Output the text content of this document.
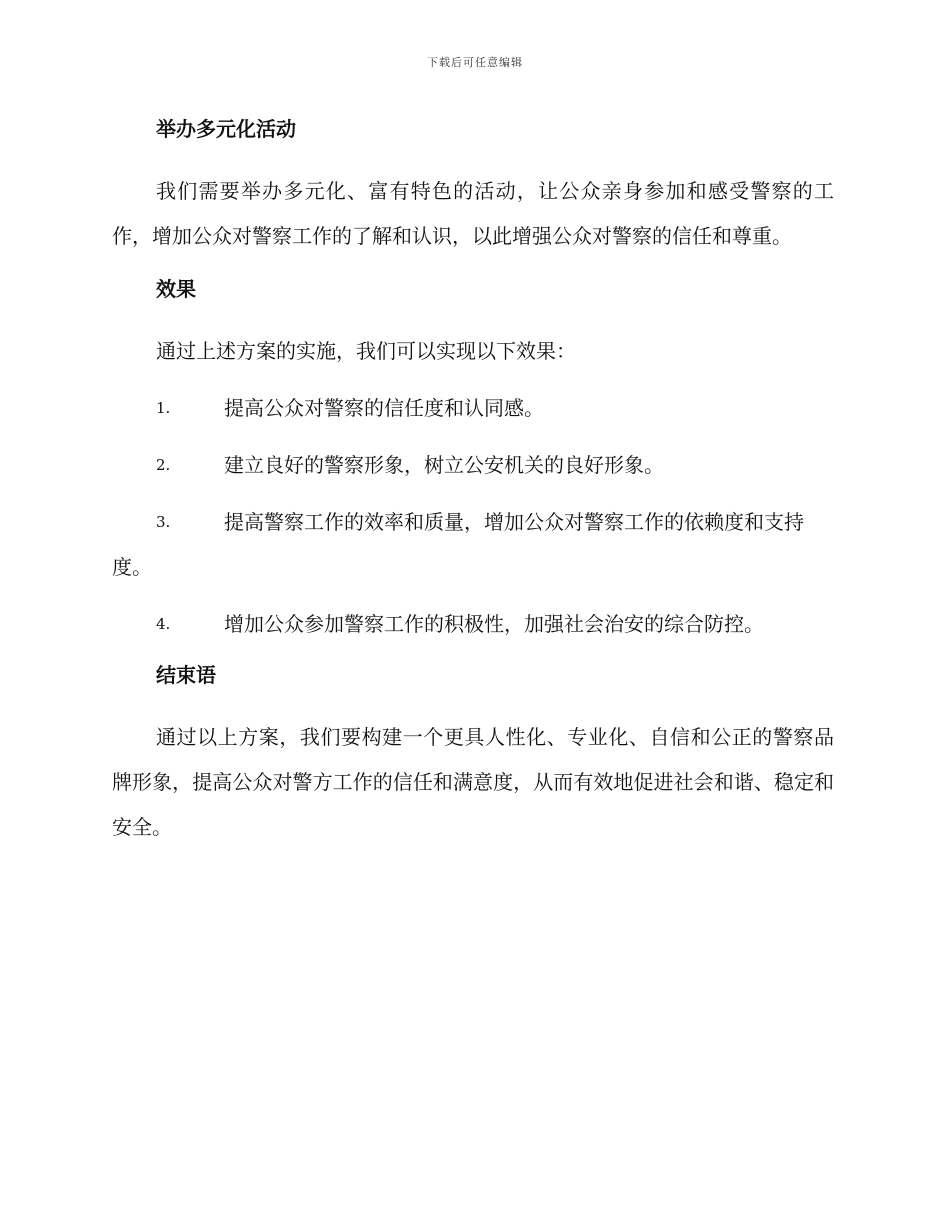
下载后可任意编辑
举办多元化活动

我们需要举办多元化、富有特色的活动，让公众亲身参加和感受警察的工作，增加公众对警察工作的了解和认识，以此增强公众对警察的信任和尊重。

效果

通过上述方案的实施，我们可以实现以下效果：

1.	提高公众对警察的信任度和认同感。

2.	建立良好的警察形象，树立公安机关的良好形象。

3.	提高警察工作的效率和质量，增加公众对警察工作的依赖度和支持度。

4.	增加公众参加警察工作的积极性，加强社会治安的综合防控。

结束语

通过以上方案，我们要构建一个更具人性化、专业化、自信和公正的警察品牌形象，提高公众对警方工作的信任和满意度，从而有效地促进社会和谐、稳定和安全。
